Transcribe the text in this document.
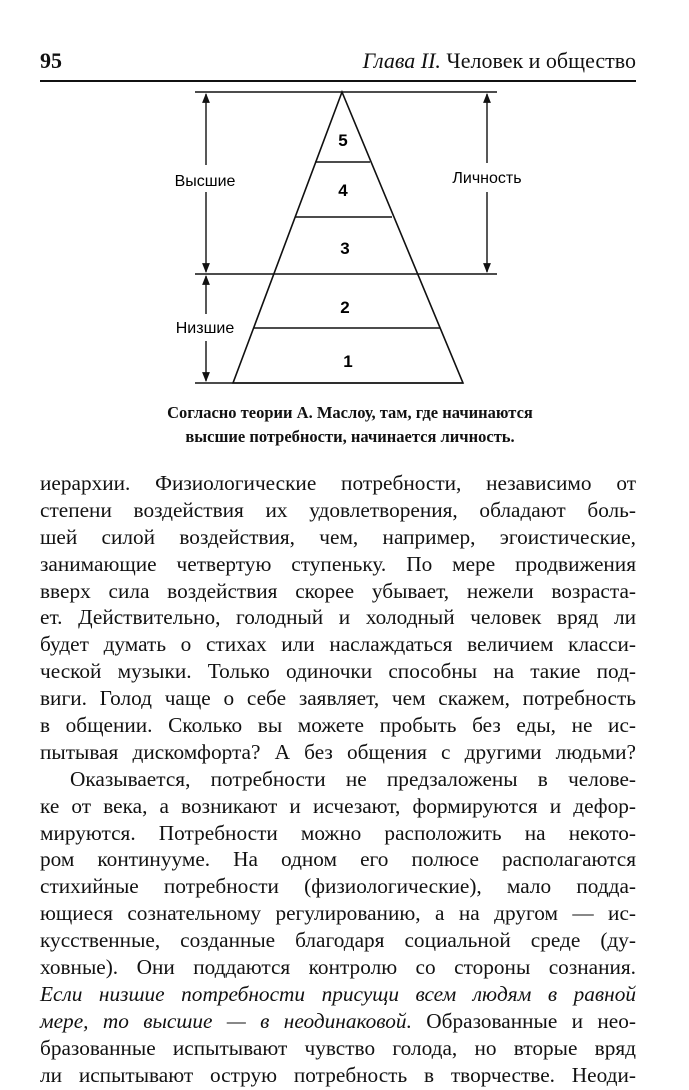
95	Глава II. Человек и общество
5
4
3
2
1
Высшие
Низшие
Личность
Согласно теории А. Маслоу, там, где начинаются
высшие потребности, начинается личность.
иерархии. Физиологические потребности, независимо от
степени воздействия их удовлетворения, обладают боль-
шей силой воздействия, чем, например, эгоистические,
занимающие четвертую ступеньку. По мере продвижения
вверх сила воздействия скорее убывает, нежели возраста-
ет. Действительно, голодный и холодный человек вряд ли
будет думать о стихах или наслаждаться величием класси-
ческой музыки. Только одиночки способны на такие под-
виги. Голод чаще о себе заявляет, чем скажем, потребность
в общении. Сколько вы можете пробыть без еды, не ис-
пытывая дискомфорта? А без общения с другими людьми?
Оказывается, потребности не предзаложены в челове-
ке от века, а возникают и исчезают, формируются и дефор-
мируются. Потребности можно расположить на некото-
ром континууме. На одном его полюсе располагаются
стихийные потребности (физиологические), мало подда-
ющиеся сознательному регулированию, а на другом — ис-
кусственные, созданные благодаря социальной среде (ду-
ховные). Они поддаются контролю со стороны сознания.
Если низшие потребности присущи всем людям в равной
мере, то высшие — в неодинаковой. Образованные и нео-
бразованные испытывают чувство голода, но вторые вряд
ли испытывают острую потребность в творчестве. Неоди-
